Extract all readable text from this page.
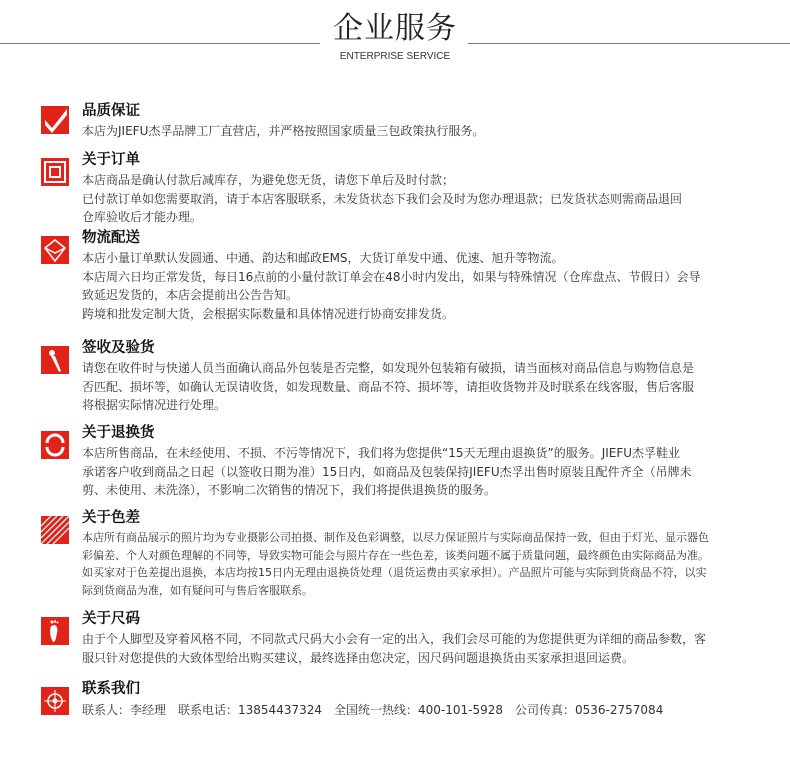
企业服务
ENTERPRISE SERVICE
品质保证
本店为JIEFU杰孚品牌工厂直营店，并严格按照国家质量三包政策执行服务。
关于订单
本店商品是确认付款后减库存，为避免您无货，请您下单后及时付款；
已付款订单如您需要取消，请于本店客服联系，未发货状态下我们会及时为您办理退款；已发货状态则需商品退回
仓库验收后才能办理。
物流配送
本店小量订单默认发圆通、中通、韵达和邮政EMS，大货订单发中通、优速、旭升等物流。
本店周六日均正常发货，每日16点前的小量付款订单会在48小时内发出，如果与特殊情况（仓库盘点、节假日）会导
致延迟发货的，本店会提前出公告告知。
跨境和批发定制大货，会根据实际数量和具体情况进行协商安排发货。
签收及验货
请您在收件时与快递人员当面确认商品外包装是否完整，如发现外包装箱有破损，请当面核对商品信息与购物信息是
否匹配、损坏等，如确认无误请收货，如发现数量、商品不符、损坏等，请拒收货物并及时联系在线客服，售后客服
将根据实际情况进行处理。
关于退换货
本店所售商品，在未经使用、不损、不污等情况下，我们将为您提供“15天无理由退换货”的服务。JIEFU杰孚鞋业
承诺客户收到商品之日起（以签收日期为准）15日内，如商品及包装保持JIEFU杰孚出售时原装且配件齐全（吊牌未
剪、未使用、未洗涤），不影响二次销售的情况下，我们将提供退换货的服务。
关于色差
本店所有商品展示的照片均为专业摄影公司拍摄、制作及色彩调整，以尽力保证照片与实际商品保持一致，但由于灯光、显示器色
彩偏差、个人对颜色理解的不同等，导致实物可能会与照片存在一些色差，该类问题不属于质量问题，最终颜色由实际商品为准。
如买家对于色差提出退换，本店均按15日内无理由退换货处理（退货运费由买家承担）。产品照片可能与实际到货商品不符，以实
际到货商品为准，如有疑问可与售后客服联系。
关于尺码
由于个人脚型及穿着风格不同，不同款式尺码大小会有一定的出入，我们会尽可能的为您提供更为详细的商品参数，客
服只针对您提供的大致体型给出购买建议，最终选择由您决定，因尺码问题退换货由买家承担退回运费。
联系我们
联系人：李经理 联系电话：13854437324 全国统一热线：400-101-5928 公司传真：0536-2757084
